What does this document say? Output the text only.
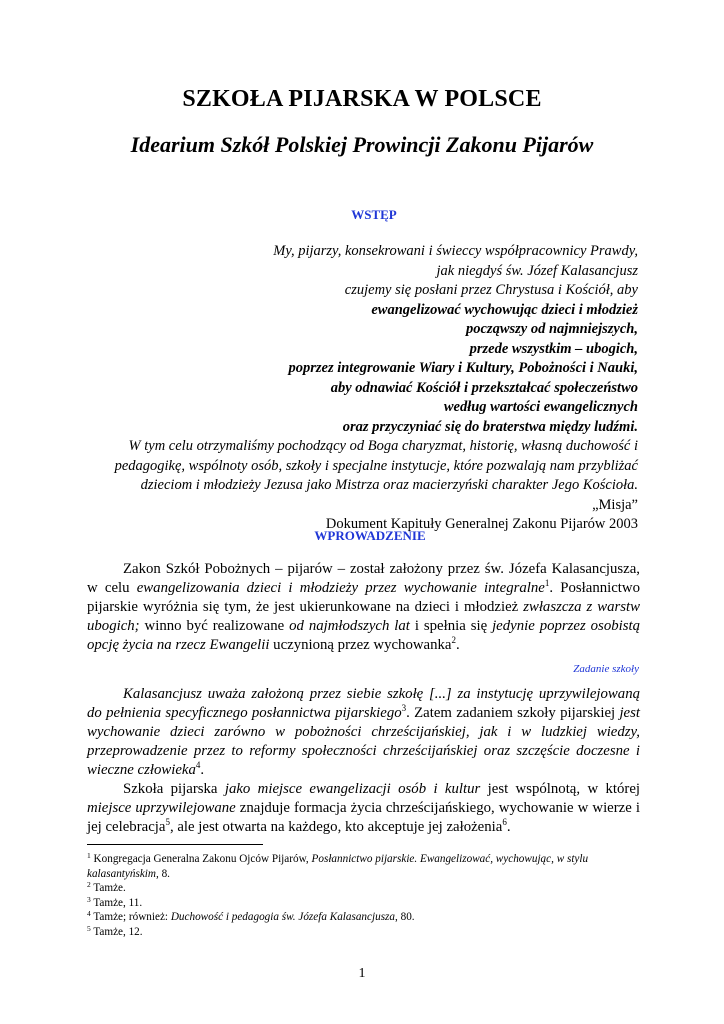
SZKOŁA PIJARSKA W POLSCE
Idearium Szkół Polskiej Prowincji Zakonu Pijarów
WSTĘP
My, pijarzy, konsekrowani i świeccy współpracownicy Prawdy,
jak niegdyś św. Józef Kalasancjusz
czujemy się posłani przez Chrystusa i Kościół, aby
ewangelizować wychowując dzieci i młodzież
począwszy od najmniejszych,
przede wszystkim – ubogich,
poprzez integrowanie Wiary i Kultury, Pobożności i Nauki,
aby odnawiać Kościół i przekształcać społeczeństwo
według wartości ewangelicznych
oraz przyczyniać się do braterstwa między ludźmi.
W tym celu otrzymaliśmy pochodzący od Boga charyzmat, historię, własną duchowość i
pedagogikę, wspólnoty osób, szkoły i specjalne instytucje, które pozwalają nam przybliżać
dzieciom i młodzieży Jezusa jako Mistrza oraz macierzyński charakter Jego Kościoła.
„Misja”
Dokument Kapituły Generalnej Zakonu Pijarów 2003
WPROWADZENIE
Zakon Szkół Pobożnych – pijarów – został założony przez św. Józefa Kalasancjusza,
w celu ewangelizowania dzieci i młodzieży przez wychowanie integralne$^1$. Posłannictwo
pijarskie wyróżnia się tym, że jest ukierunkowane na dzieci i młodzież zwłaszcza z warstw
ubogich; winno być realizowane od najmłodszych lat i spełnia się jedynie poprzez osobistą
opcję życia na rzecz Ewangelii uczynioną przez wychowanka$^2$.
Zadanie szkoły
Kalasancjusz uważa założoną przez siebie szkołę [...] za instytucję uprzywilejowaną
do pełnienia specyficznego posłannictwa pijarskiego$^3$. Zatem zadaniem szkoły pijarskiej jest
wychowanie dzieci zarówno w pobożności chrześcijańskiej, jak i w ludzkiej wiedzy,
przeprowadzenie przez to reformy społeczności chrześcijańskiej oraz szczęście doczesne i
wieczne człowieka$^4$.
Szkoła pijarska jako miejsce ewangelizacji osób i kultur jest wspólnotą, w której
miejsce uprzywilejowane znajduje formacja życia chrześcijańskiego, wychowanie w wierze i
jej celebracja$^5$, ale jest otwarta na każdego, kto akceptuje jej założenia$^6$.
$^1$ Kongregacja Generalna Zakonu Ojców Pijarów, Posłannictwo pijarskie. Ewangelizować, wychowując, w stylu
kalasantyńskim, 8.
$^2$ Tamże.
$^3$ Tamże, 11.
$^4$ Tamże; również: Duchowość i pedagogia św. Józefa Kalasancjusza, 80.
$^5$ Tamże, 12.
1
